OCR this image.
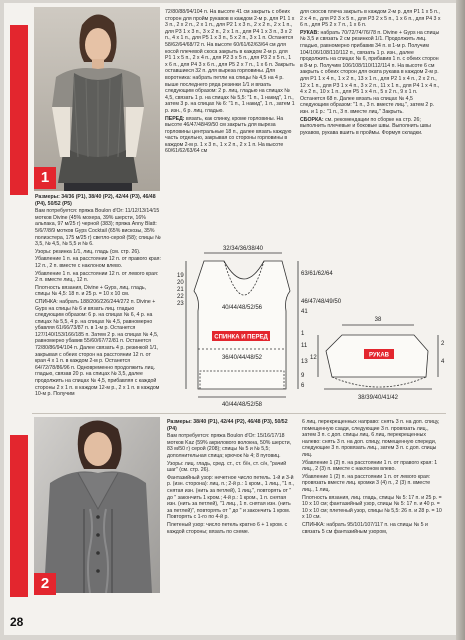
1

Размеры: 34/36 (P1), 38/40 (P2), 42/44 (P3), 46/48 (P4), 50/52 (P5)

Вам потребуется: пряжа Boulon d'Or: 11/12/13/14/15 мотков Divine (45% мохера, 39% шерсти, 16% альпака, 97 м/25 г) черной (383); пряжа Anny Blatt: 5/6/7/8/9 мотков Gyps Cocktail (65% вискозы, 35% полиэстера, 175 м/25 г) светло-серой (58); спицы № 3,5, № 4,5, № 5,5 и № 6.

Узоры: резинка 1/1, лиц. гладь (см. стр. 26).

Убавление 1 п. на расстоянии 12 п. от правого края: 12 п., 2 п. вместе с наклоном влево.

Убавление 1 п. на расстоянии 12 п. от левого края: 2 п. вместе лиц., 12 п.

Плотность вязания, Divine + Gyps, лиц. гладь, спицы № 4,5: 18 п. и 25 р. = 10 х 10 см.

СПИНКА: набрать 188/206/226/244/272 п. Divine + Gyps на спицы № 6 и вязать лиц. гладью следующим образом: 6 р. на спицах № 6, 4 р. на спицах № 5,5, 4 р. на спицах № 4,5, равномерно убавляя 61/66/73/87 п. в 1-м р. Останется 127/140/153/166/185 п. Затем 2 р. на спицах № 4,5, равномерно убавив 55/60/67/72/81 п. Останется 72/80/86/94/104 п. Далее связать 4 р. резинкой 1/1, закрывая с обеих сторон на расстоянии 12 п. от края 4 х 1 п. в каждом 2-м р. Останется 64/72/78/86/96 п. Одновременно продолжить лиц. гладью, связав 20 р. на спицах № 3,5, далее продолжить на спицах № 4,5, прибавляя с каждой стороны 2 х 1 п. в каждом 12-м р., 2 х 1 п. в каждом 10-м р. Получим

72/80/88/94/104 п. На высоте 41 см закрыть с обеих сторон для пройм рукавов в каждом 2-м р. для P1 1 х 3 п., 2 х 2 п., 2 х 1 п., для P2 1 х 3 п., 2 х 2 п., 2 х 1 п., для P3 1 х 3 п., 3 х 2 п., 2 х 1 п., для P4 1 х 3 п., 3 х 2 п., 4 х 1 п., для P5 1 х 3 п., 5 х 2 п., 3 х 1 п. Останется 58/62/64/68/72 п. На высоте 60/61/62/63/64 см для косой плечевой скоса закрыть в каждом 2-м р. для P1 1 х 5 п., 2 х 4 п., для P2 3 х 5 п., для P3 2 х 5 п., 1 х 6 п., для P4 3 х 6 п., для P5 2 х 7 п., 1 х 6 п. Закрыть оставшиеся 32 п. для выреза горловины. Для воротника: набрать петли на спицы № 4,5 на 4 р. выше последнего ряда резинки 1/1 и вязать следующим образом: 2 р. лиц. гладью на спицах № 4,5, связать 1 р. на спицах № 5,5: "1 п., 1 накид", 1 п., затем 3 р. на спицах № 6: "1 п., 1 накид", 1 п., затем 1 р. изн., 6 р. лиц. гладью.

ПЕРЕД: вязать, как спинку, кроме горловины. На высоте 46/47/48/49/50 см закрыть для выреза горловины центральные 18 п., далее вязать каждую часть отдельно, закрывая со стороны горловины в каждом 2-м р. 1 х 3 п., 1 х 2 п., 2 х 1 п. На высоте 60/61/62/63/64 см

для скосов плеча закрыть в каждом 2-м р. для P1 1 х 5 п., 2 х 4 п., для P2 3 х 5 п., для P3 2 х 5 п., 1 х 6 п., для P4 3 х 6 п., для P5 2 х 7 п., 1 х 6 п.

РУКАВ: набрать 70/72/74/76/78 п. Divine + Gyps на спицы № 3,5 и связать 2 см резинкой 1/1. Продолжить лиц. гладью, равномерно прибавив 34 п. в 1-м р. Получим 104/106/108/110/112 п., связать 1 р. изн., далее продолжить на спицах № 6, прибавив 1 п. с обеих сторон в 8-м р. Получим 106/108/110/112/114 п. На высоте 6 см закрыть с обеих сторон для оката рукава в каждом 2-м р. для P1 1 х 4 п., 1 х 2 п., 13 х 1 п., для P2 1 х 4 п., 2 х 2 п., 12 х 1 п., для P3 1 х 4 п., 3 х 2 п., 11 х 1 п., для P4 1 х 4 п., 4 х 2 п., 10 х 1 п., для P5 1 х 4 п., 5 х 2 п., 9 х 1 п. Останется 68 п. Далее вязать на спицах № 4,5 следующим образом: "1 п., 3 п. вместе лиц.", затем 2 р. изн. и 1 р.: "1 п., 3 п. вместе лиц." Закрыть.

СБОРКА: см. рекомендации по сборке на стр. 26; выполнить плечевые и боковые швы. Выполнить швы рукавов, рукава вшить в проймы. Формуя складки.

СПИНКА И ПЕРЕД
РУКАВ
32/34/36/38/40
19
20
21
22
23
63/61/62/64
46/47/48/49/50
41
40/44/48/52/56
36/40/44/48/52
40/44/48/52/58
1
11
13
9
6
38
12
2
4
38/39/40/41/42
2

Размеры: 38/40 (P1), 42/44 (P2), 46/48 (P3), 50/52 (P4)

Вам потребуется: пряжа Boulon d'Or: 15/16/17/18 мотков Kaz (59% акрилового волокна, 50% шерсти, 83 м/50 г) серой (208); спицы № 5 и № 5,5; дополнительная спица; крючок № 4; 8 пуговиц.

Узоры: лиц. гладь, сред. ст., ст. б/н, ст. с/н, "рачий шаг" (см. стр. 26).

Фантазийный узор: нечетное число петель. 1-й и 3-й р. (изн. сторона): лиц. п.; 2-й р.: 1 кром., 1 лиц., "1 п., снятая изн. (нить за петлей), 1 лиц.", повторять от " до " закончить 1 кром.; 4-й р.: 1 кром., 1 п. снятая изн. (нить за петлей), "1 лиц., 1 п. снятая изн. (нить за петлей)", повторять от " до " и закончить 1 кром. Повторять с 1-го по 4-й р.

Плетеный узор: число петель кратно 6 + 1 кром. с каждой стороны; вязать по схеме.

6 лиц. перекрещенных направо: снять 3 п. на доп. спицу, помещенную сзади, следующие 3 п. провязать лиц., затем 3 п. с доп. спицы лиц. 6 лиц. перекрещенных налево: снять 3 п. на доп. спицу, помещенную спереди, следующие 3 п. провязать лиц., затем 3 п. с доп. спицы лиц.

Убавление 1 (2) п. на расстоянии 1 п. от правого края: 1 лиц., 2 (3) п. вместе с наклоном влево.

Убавление 1 (2) п. на расстоянии 1 п. от левого края: провязать вместе лиц. кромки 3 (4) п., 2 (3) п. вместе лиц., 1 лиц.

Плотность вязания, лиц. гладь, спицы № 5: 17 п. и 25 р. = 10 х 10 см; фантазийный узор, спицы № 5: 17 п. и 40 р. = 10 х 10 см; плетеный узор, спицы № 5,5: 26 п. и 28 р. = 10 х 10 см.

СПИНКА: набрать 95/101/107/117 п. на спицы № 5 и связать 5 см фантазийным узором,

28
